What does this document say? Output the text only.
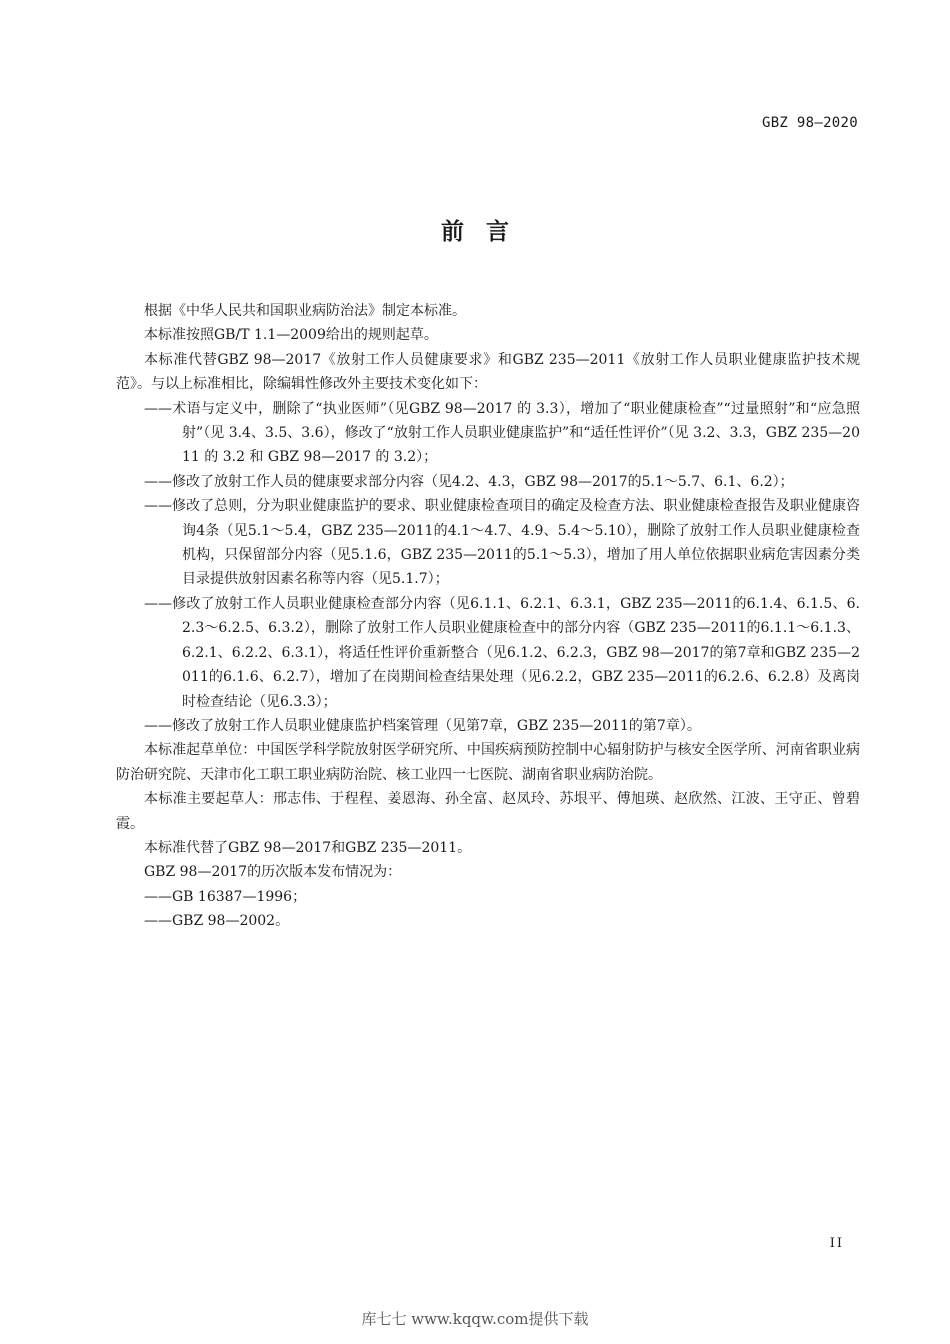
GBZ 98—2020
前言

根据《中华人民共和国职业病防治法》制定本标准。

本标准按照GB/T 1.1—2009给出的规则起草。

本标准代替GBZ 98—2017《放射工作人员健康要求》和GBZ 235—2011《放射工作人员职业健康监护技术规范》。与以上标准相比，除编辑性修改外主要技术变化如下：

——术语与定义中，删除了“执业医师”（见GBZ 98—2017 的 3.3），增加了“职业健康检查”“过量照射”和“应急照射”（见 3.4、3.5、3.6），修改了“放射工作人员职业健康监护”和“适任性评价”（见 3.2、3.3，GBZ 235—2011 的 3.2 和 GBZ 98—2017 的 3.2）；

——修改了放射工作人员的健康要求部分内容（见4.2、4.3，GBZ 98—2017的5.1～5.7、6.1、6.2）；

——修改了总则，分为职业健康监护的要求、职业健康检查项目的确定及检查方法、职业健康检查报告及职业健康咨询4条（见5.1～5.4，GBZ 235—2011的4.1～4.7、4.9、5.4～5.10），删除了放射工作人员职业健康检查机构，只保留部分内容（见5.1.6，GBZ 235—2011的5.1～5.3），增加了用人单位依据职业病危害因素分类目录提供放射因素名称等内容（见5.1.7）；

——修改了放射工作人员职业健康检查部分内容（见6.1.1、6.2.1、6.3.1，GBZ 235—2011的6.1.4、6.1.5、6.2.3～6.2.5、6.3.2），删除了放射工作人员职业健康检查中的部分内容（GBZ 235—2011的6.1.1～6.1.3、6.2.1、6.2.2、6.3.1），将适任性评价重新整合（见6.1.2、6.2.3，GBZ 98—2017的第7章和GBZ 235—2011的6.1.6、6.2.7），增加了在岗期间检查结果处理（见6.2.2，GBZ 235—2011的6.2.6、6.2.8）及离岗时检查结论（见6.3.3）；

——修改了放射工作人员职业健康监护档案管理（见第7章，GBZ 235—2011的第7章）。

本标准起草单位：中国医学科学院放射医学研究所、中国疾病预防控制中心辐射防护与核安全医学所、河南省职业病防治研究院、天津市化工职工职业病防治院、核工业四一七医院、湖南省职业病防治院。

本标准主要起草人：邢志伟、于程程、姜恩海、孙全富、赵凤玲、苏垠平、傅旭瑛、赵欣然、江波、王守正、曾碧霞。

本标准代替了GBZ 98—2017和GBZ 235—2011。

GBZ 98—2017的历次版本发布情况为：

——GB 16387—1996；

——GBZ 98—2002。

II
库七七 www.kqqw.com提供下载
